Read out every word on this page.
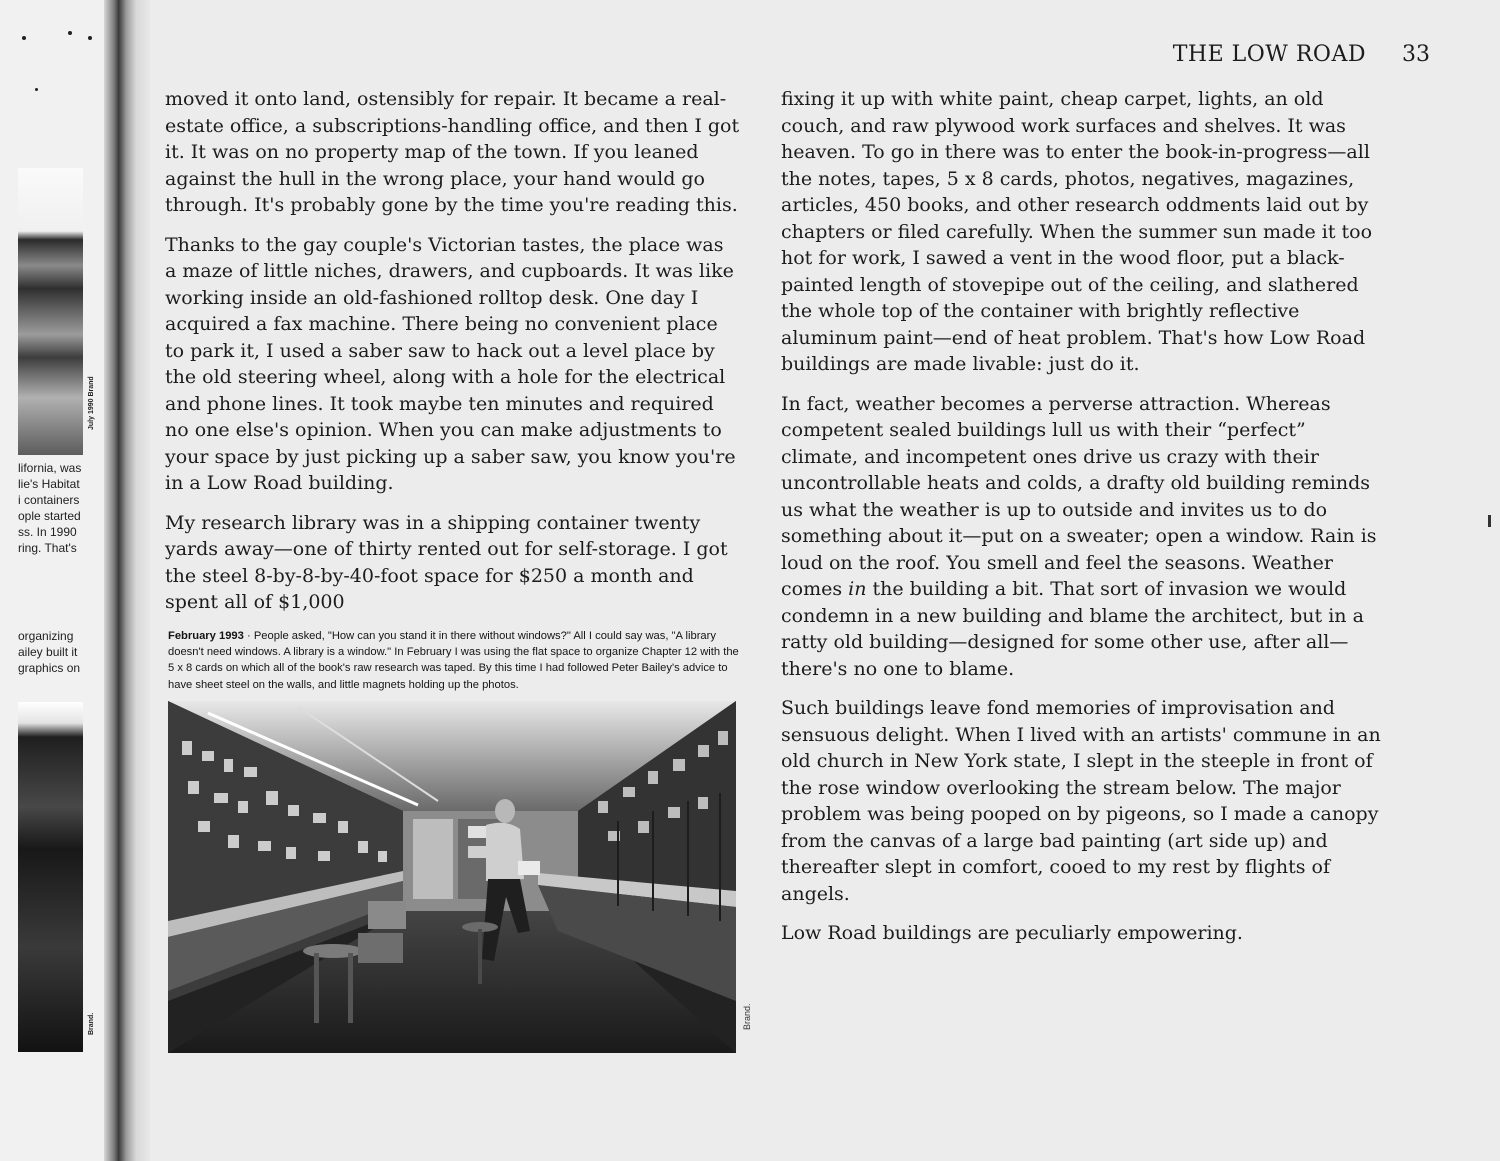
July 1990 Brand
lifornia, was
lie's Habitat
i containers
ople started
ss. In 1990
ring. That's
organizing
ailey built it
graphics on
Brand.
THE LOW ROAD 33

moved it onto land, ostensibly for repair. It became a real-estate office, a subscriptions-handling office, and then I got it. It was on no property map of the town. If you leaned against the hull in the wrong place, your hand would go through. It's probably gone by the time you're reading this.

Thanks to the gay couple's Victorian tastes, the place was a maze of little niches, drawers, and cupboards. It was like working inside an old-fashioned rolltop desk. One day I acquired a fax machine. There being no convenient place to park it, I used a saber saw to hack out a level place by the old steering wheel, along with a hole for the electrical and phone lines. It took maybe ten minutes and required no one else's opinion. When you can make adjustments to your space by just picking up a saber saw, you know you're in a Low Road building.

My research library was in a shipping container twenty yards away—one of thirty rented out for self-storage. I got the steel 8-by-8-by-40-foot space for $250 a month and spent all of $1,000

February 1993 · People asked, "How can you stand it in there without windows?" All I could say was, "A library doesn't need windows. A library is a window." In February I was using the flat space to organize Chapter 12 with the 5 x 8 cards on which all of the book's raw research was taped. By this time I had followed Peter Bailey's advice to have sheet steel on the walls, and little magnets holding up the photos.
Brand.

fixing it up with white paint, cheap carpet, lights, an old couch, and raw plywood work surfaces and shelves. It was heaven. To go in there was to enter the book-in-progress—all the notes, tapes, 5 x 8 cards, photos, negatives, magazines, articles, 450 books, and other research oddments laid out by chapters or filed carefully. When the summer sun made it too hot for work, I sawed a vent in the wood floor, put a black-painted length of stovepipe out of the ceiling, and slathered the whole top of the container with brightly reflective aluminum paint—end of heat problem. That's how Low Road buildings are made livable: just do it.

In fact, weather becomes a perverse attraction. Whereas competent sealed buildings lull us with their “perfect” climate, and incompetent ones drive us crazy with their uncontrollable heats and colds, a drafty old building reminds us what the weather is up to outside and invites us to do something about it—put on a sweater; open a window. Rain is loud on the roof. You smell and feel the seasons. Weather comes in the building a bit. That sort of invasion we would condemn in a new building and blame the architect, but in a ratty old building—designed for some other use, after all—there's no one to blame.

Such buildings leave fond memories of improvisation and sensuous delight. When I lived with an artists' commune in an old church in New York state, I slept in the steeple in front of the rose window overlooking the stream below. The major problem was being pooped on by pigeons, so I made a canopy from the canvas of a large bad painting (art side up) and thereafter slept in comfort, cooed to my rest by flights of angels.

Low Road buildings are peculiarly empowering.
